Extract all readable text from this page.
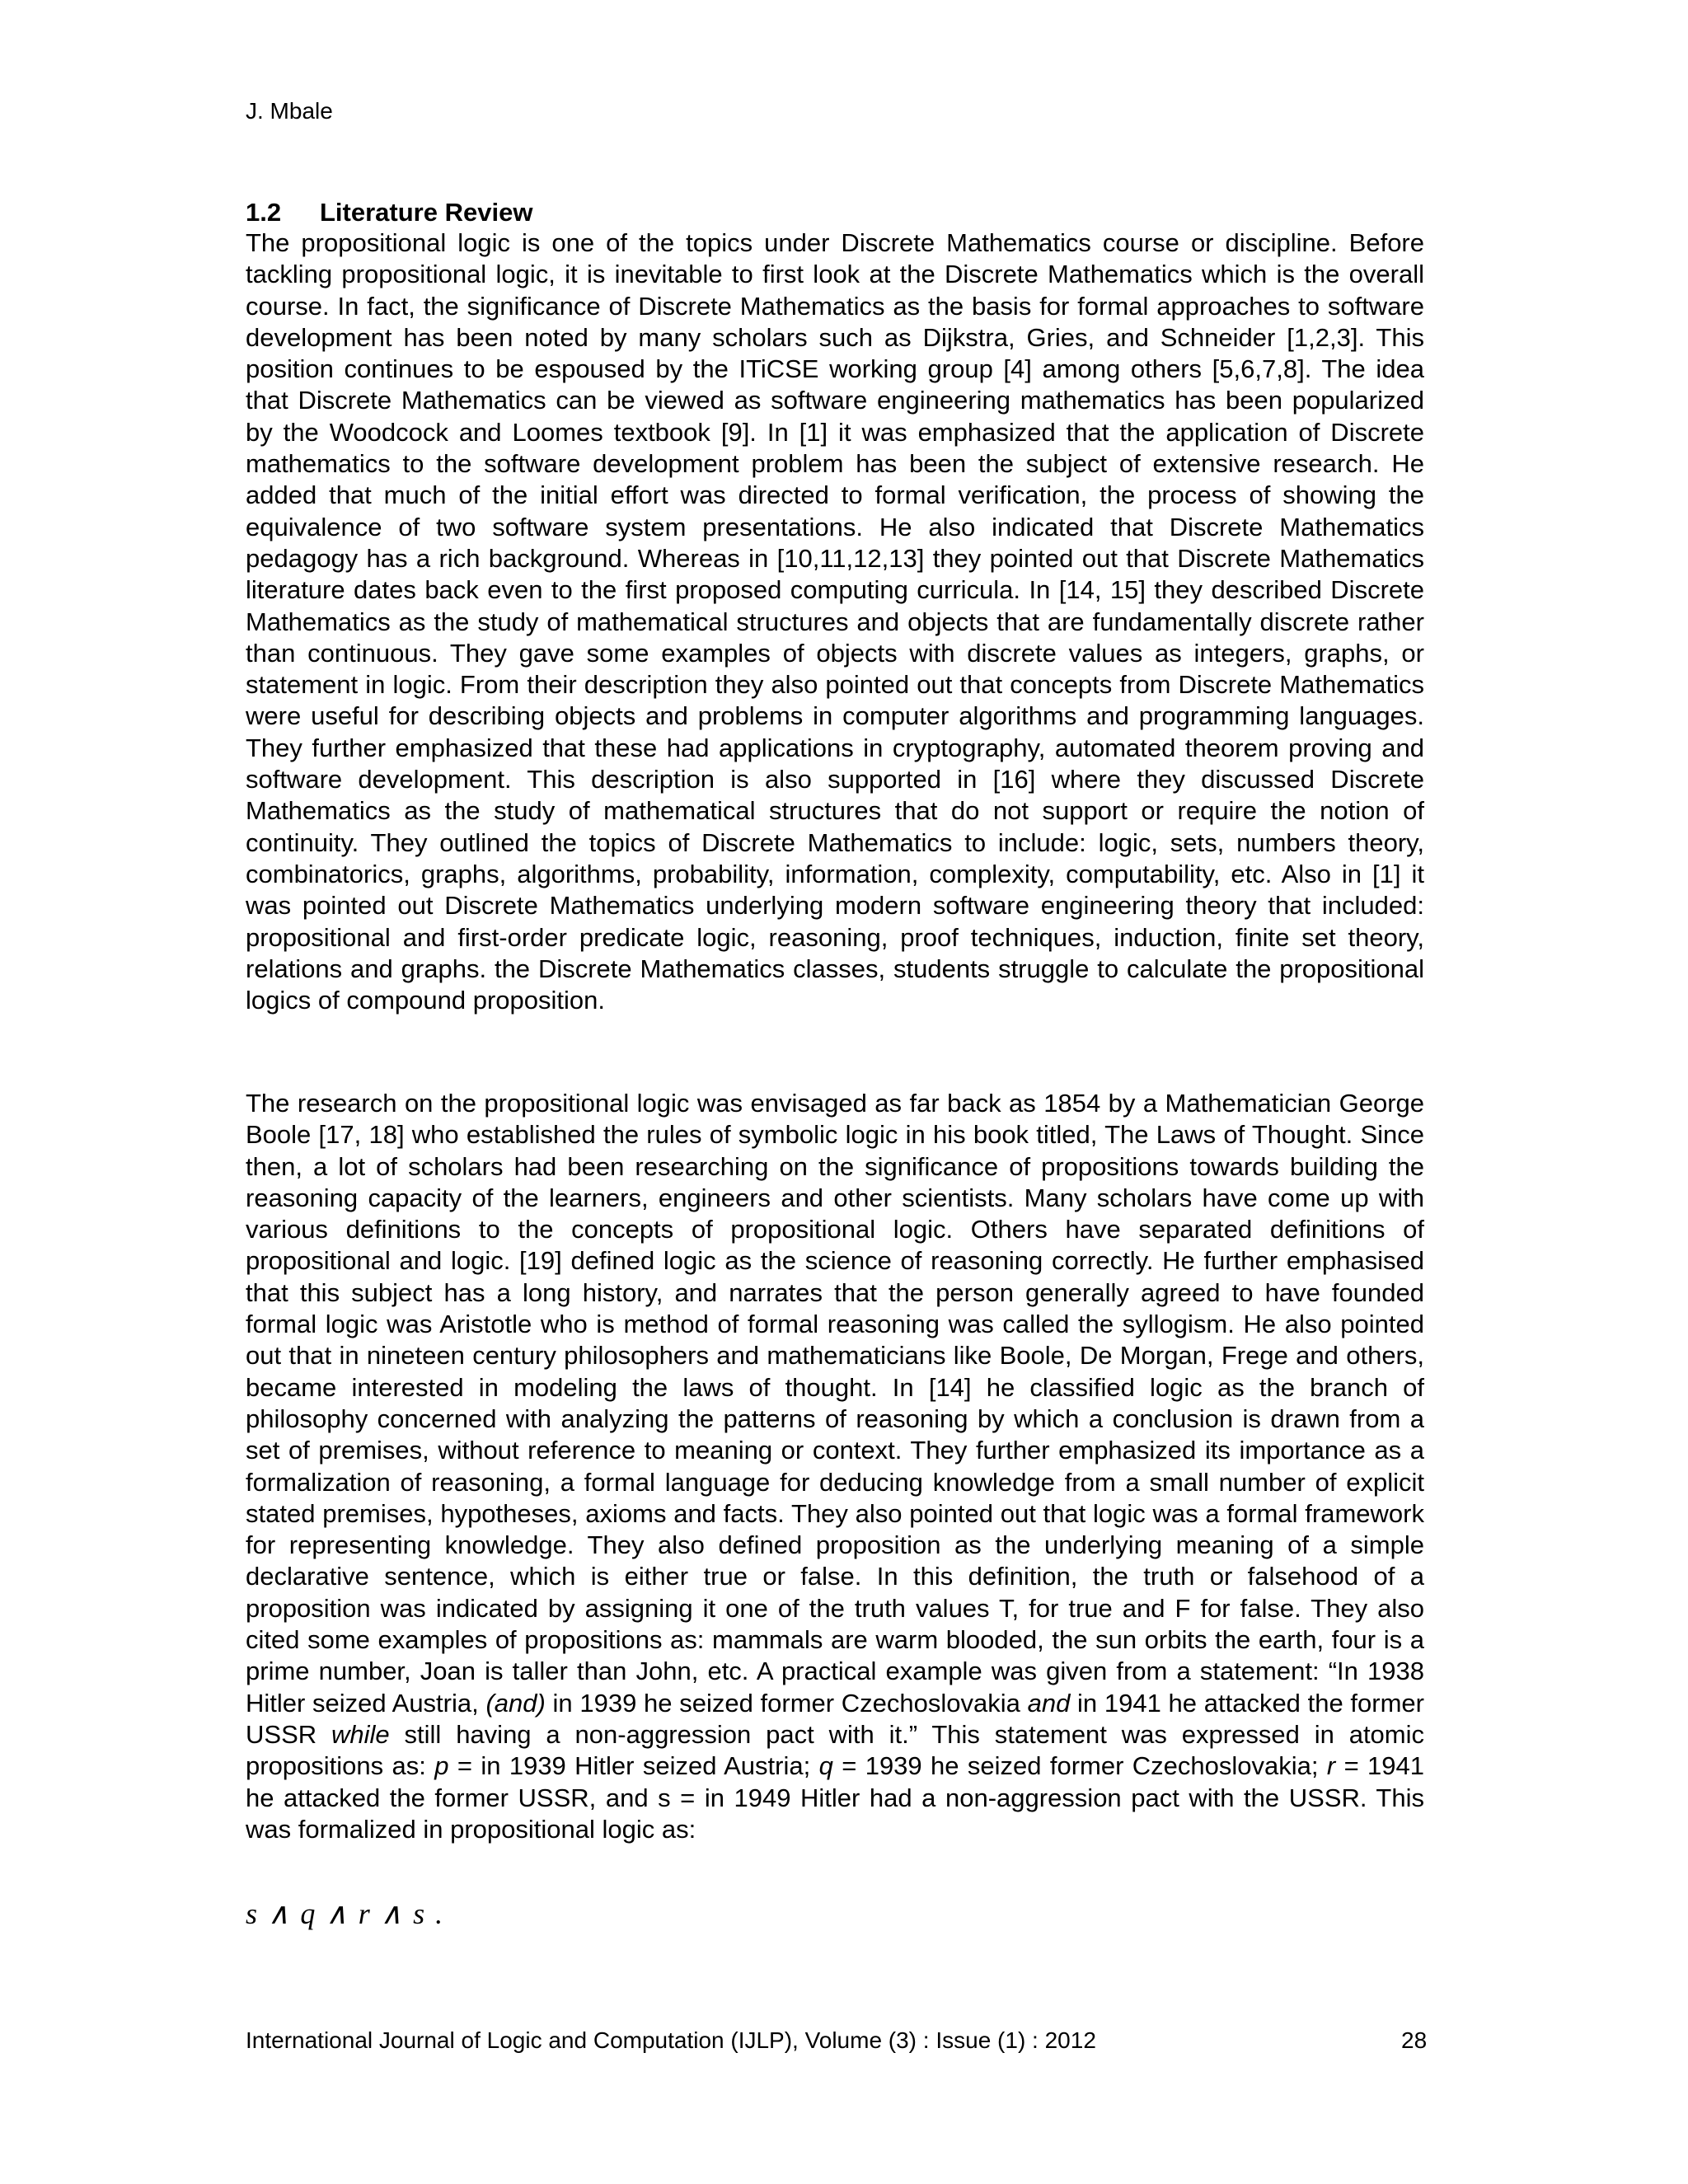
J. Mbale
1.2 Literature Review
The propositional logic is one of the topics under Discrete Mathematics course or discipline. Before tackling propositional logic, it is inevitable to first look at the Discrete Mathematics which is the overall course. In fact, the significance of Discrete Mathematics as the basis for formal approaches to software development has been noted by many scholars such as Dijkstra, Gries, and Schneider [1,2,3]. This position continues to be espoused by the ITiCSE working group [4] among others [5,6,7,8]. The idea that Discrete Mathematics can be viewed as software engineering mathematics has been popularized by the Woodcock and Loomes textbook [9]. In [1] it was emphasized that the application of Discrete mathematics to the software development problem has been the subject of extensive research. He added that much of the initial effort was directed to formal verification, the process of showing the equivalence of two software system presentations. He also indicated that Discrete Mathematics pedagogy has a rich background. Whereas in [10,11,12,13] they pointed out that Discrete Mathematics literature dates back even to the first proposed computing curricula. In [14, 15] they described Discrete Mathematics as the study of mathematical structures and objects that are fundamentally discrete rather than continuous. They gave some examples of objects with discrete values as integers, graphs, or statement in logic. From their description they also pointed out that concepts from Discrete Mathematics were useful for describing objects and problems in computer algorithms and programming languages. They further emphasized that these had applications in cryptography, automated theorem proving and software development. This description is also supported in [16] where they discussed Discrete Mathematics as the study of mathematical structures that do not support or require the notion of continuity. They outlined the topics of Discrete Mathematics to include: logic, sets, numbers theory, combinatorics, graphs, algorithms, probability, information, complexity, computability, etc. Also in [1] it was pointed out Discrete Mathematics underlying modern software engineering theory that included: propositional and first-order predicate logic, reasoning, proof techniques, induction, finite set theory, relations and graphs. the Discrete Mathematics classes, students struggle to calculate the propositional logics of compound proposition.
The research on the propositional logic was envisaged as far back as 1854 by a Mathematician George Boole [17, 18] who established the rules of symbolic logic in his book titled, The Laws of Thought. Since then, a lot of scholars had been researching on the significance of propositions towards building the reasoning capacity of the learners, engineers and other scientists. Many scholars have come up with various definitions to the concepts of propositional logic. Others have separated definitions of propositional and logic. [19] defined logic as the science of reasoning correctly. He further emphasised that this subject has a long history, and narrates that the person generally agreed to have founded formal logic was Aristotle who is method of formal reasoning was called the syllogism. He also pointed out that in nineteen century philosophers and mathematicians like Boole, De Morgan, Frege and others, became interested in modeling the laws of thought. In [14] he classified logic as the branch of philosophy concerned with analyzing the patterns of reasoning by which a conclusion is drawn from a set of premises, without reference to meaning or context. They further emphasized its importance as a formalization of reasoning, a formal language for deducing knowledge from a small number of explicit stated premises, hypotheses, axioms and facts. They also pointed out that logic was a formal framework for representing knowledge. They also defined proposition as the underlying meaning of a simple declarative sentence, which is either true or false. In this definition, the truth or falsehood of a proposition was indicated by assigning it one of the truth values T, for true and F for false. They also cited some examples of propositions as: mammals are warm blooded, the sun orbits the earth, four is a prime number, Joan is taller than John, etc. A practical example was given from a statement: “In 1938 Hitler seized Austria, (and) in 1939 he seized former Czechoslovakia and in 1941 he attacked the former USSR while still having a non-aggression pact with it.” This statement was expressed in atomic propositions as: p = in 1939 Hitler seized Austria; q = 1939 he seized former Czechoslovakia; r = 1941 he attacked the former USSR, and s = in 1949 Hitler had a non-aggression pact with the USSR. This was formalized in propositional logic as:
s ∧ q ∧ r ∧ s .
International Journal of Logic and Computation (IJLP), Volume (3) : Issue (1) : 2012	28
